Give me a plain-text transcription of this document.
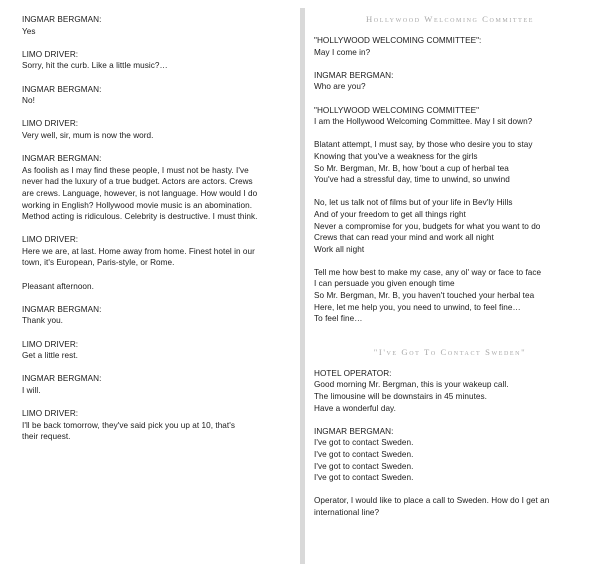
INGMAR BERGMAN:
Yes
LIMO DRIVER:
Sorry, hit the curb. Like a little music?…
INGMAR BERGMAN:
No!
LIMO DRIVER:
Very well, sir, mum is now the word.
INGMAR BERGMAN:
As foolish as I may find these people, I must not be hasty. I've
never had the luxury of a true budget. Actors are actors. Crews
are crews. Language, however, is not language. How would I do
working in English? Hollywood movie music is an abomination.
Method acting is ridiculous. Celebrity is destructive. I must think.
LIMO DRIVER:
Here we are, at last. Home away from home. Finest hotel in our
town, it's European, Paris-style, or Rome.
Pleasant afternoon.
INGMAR BERGMAN:
Thank you.
LIMO DRIVER:
Get a little rest.
INGMAR BERGMAN:
I will.
LIMO DRIVER:
I'll be back tomorrow, they've said pick you up at 10, that's
their request.
Hollywood Welcoming Committee
"HOLLYWOOD WELCOMING COMMITTEE":
May I come in?
INGMAR BERGMAN:
Who are you?
"HOLLYWOOD WELCOMING COMMITTEE"
I am the Hollywood Welcoming Committee. May I sit down?
Blatant attempt, I must say, by those who desire you to stay
Knowing that you've a weakness for the girls
So Mr. Bergman, Mr. B, how 'bout a cup of herbal tea
You've had a stressful day, time to unwind, so unwind
No, let us talk not of films but of your life in Bev'ly Hills
And of your freedom to get all things right
Never a compromise for you, budgets for what you want to do
Crews that can read your mind and work all night
Work all night
Tell me how best to make my case, any ol' way or face to face
I can persuade you given enough time
So Mr. Bergman, Mr. B, you haven't touched your herbal tea
Here, let me help you, you need to unwind, to feel fine…
To feel fine…
"I've Got To Contact Sweden"
HOTEL OPERATOR:
Good morning Mr. Bergman, this is your wakeup call.
The limousine will be downstairs in 45 minutes.
Have a wonderful day.
INGMAR BERGMAN:
I've got to contact Sweden.
I've got to contact Sweden.
I've got to contact Sweden.
I've got to contact Sweden.
Operator, I would like to place a call to Sweden. How do I get an
international line?
